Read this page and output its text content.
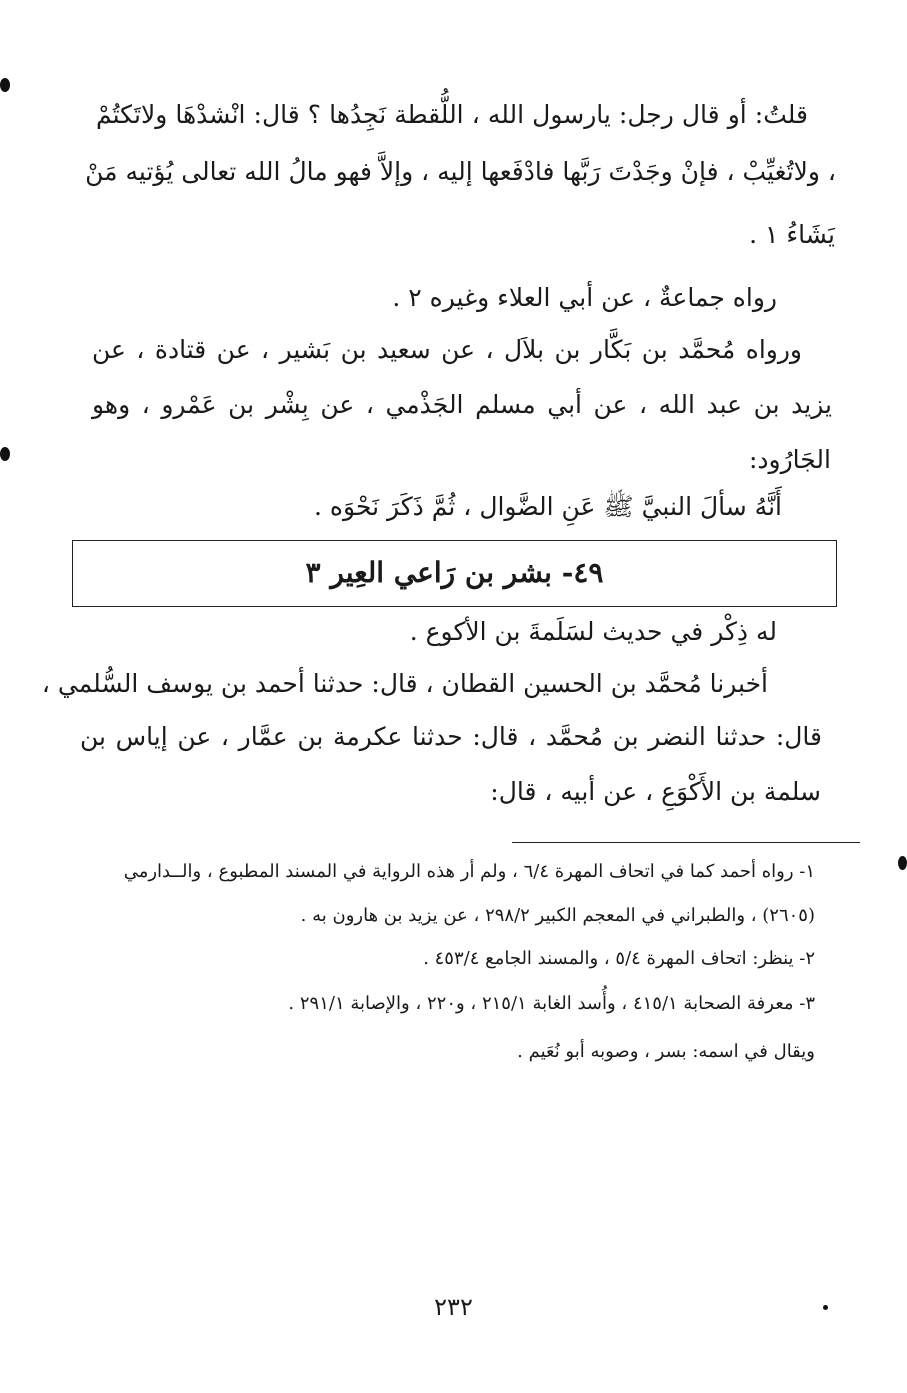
قلتُ: أو قال رجل: يارسول الله ، اللُّقطة نَجِدُها ؟ قال: انْشدْهَا ولاتَكتُمْ
، ولاتُغيِّبْ ، فإنْ وجَدْتَ رَبَّها فادْفَعها إليه ، وإلاَّ فهو مالُ الله تعالى يُؤتيه مَنْ
يَشَاءُ ١ .
رواه جماعةٌ ، عن أبي العلاء وغيره ٢ .
ورواه مُحمَّد بن بَكَّار بن بلاَل ، عن سعيد بن بَشير ، عن قتادة ، عن
يزيد بن عبد الله ، عن أبي مسلم الجَذْمي ، عن بِشْر بن عَمْرو ، وهو
الجَارُود:
أَنَّهُ سألَ النبيَّ ﷺ عَنِ الضَّوال ، ثُمَّ ذَكَرَ نَحْوَه .
٤٩- بشر بن رَاعي العِير ٣
له ذِكْر في حديث لسَلَمةَ بن الأكوع .
أخبرنا مُحمَّد بن الحسين القطان ، قال: حدثنا أحمد بن يوسف السُّلمي ،
قال: حدثنا النضر بن مُحمَّد ، قال: حدثنا عكرمة بن عمَّار ، عن إياس بن
سلمة بن الأَكْوَعِ ، عن أبيه ، قال:
١- رواه أحمد كما في اتحاف المهرة ٦/٤ ، ولم أر هذه الرواية في المسند المطبوع ، والــدارمي
(٢٦٠٥) ، والطبراني في المعجم الكبير ٢٩٨/٢ ، عن يزيد بن هارون به .
٢- ينظر: اتحاف المهرة ٥/٤ ، والمسند الجامع ٤٥٣/٤ .
٣- معرفة الصحابة ٤١٥/١ ، وأُسد الغابة ٢١٥/١ ، و٢٢٠ ، والإصابة ٢٩١/١ .
ويقال في اسمه: بسر ، وصوبه أبو نُعَيم .
٢٣٢
